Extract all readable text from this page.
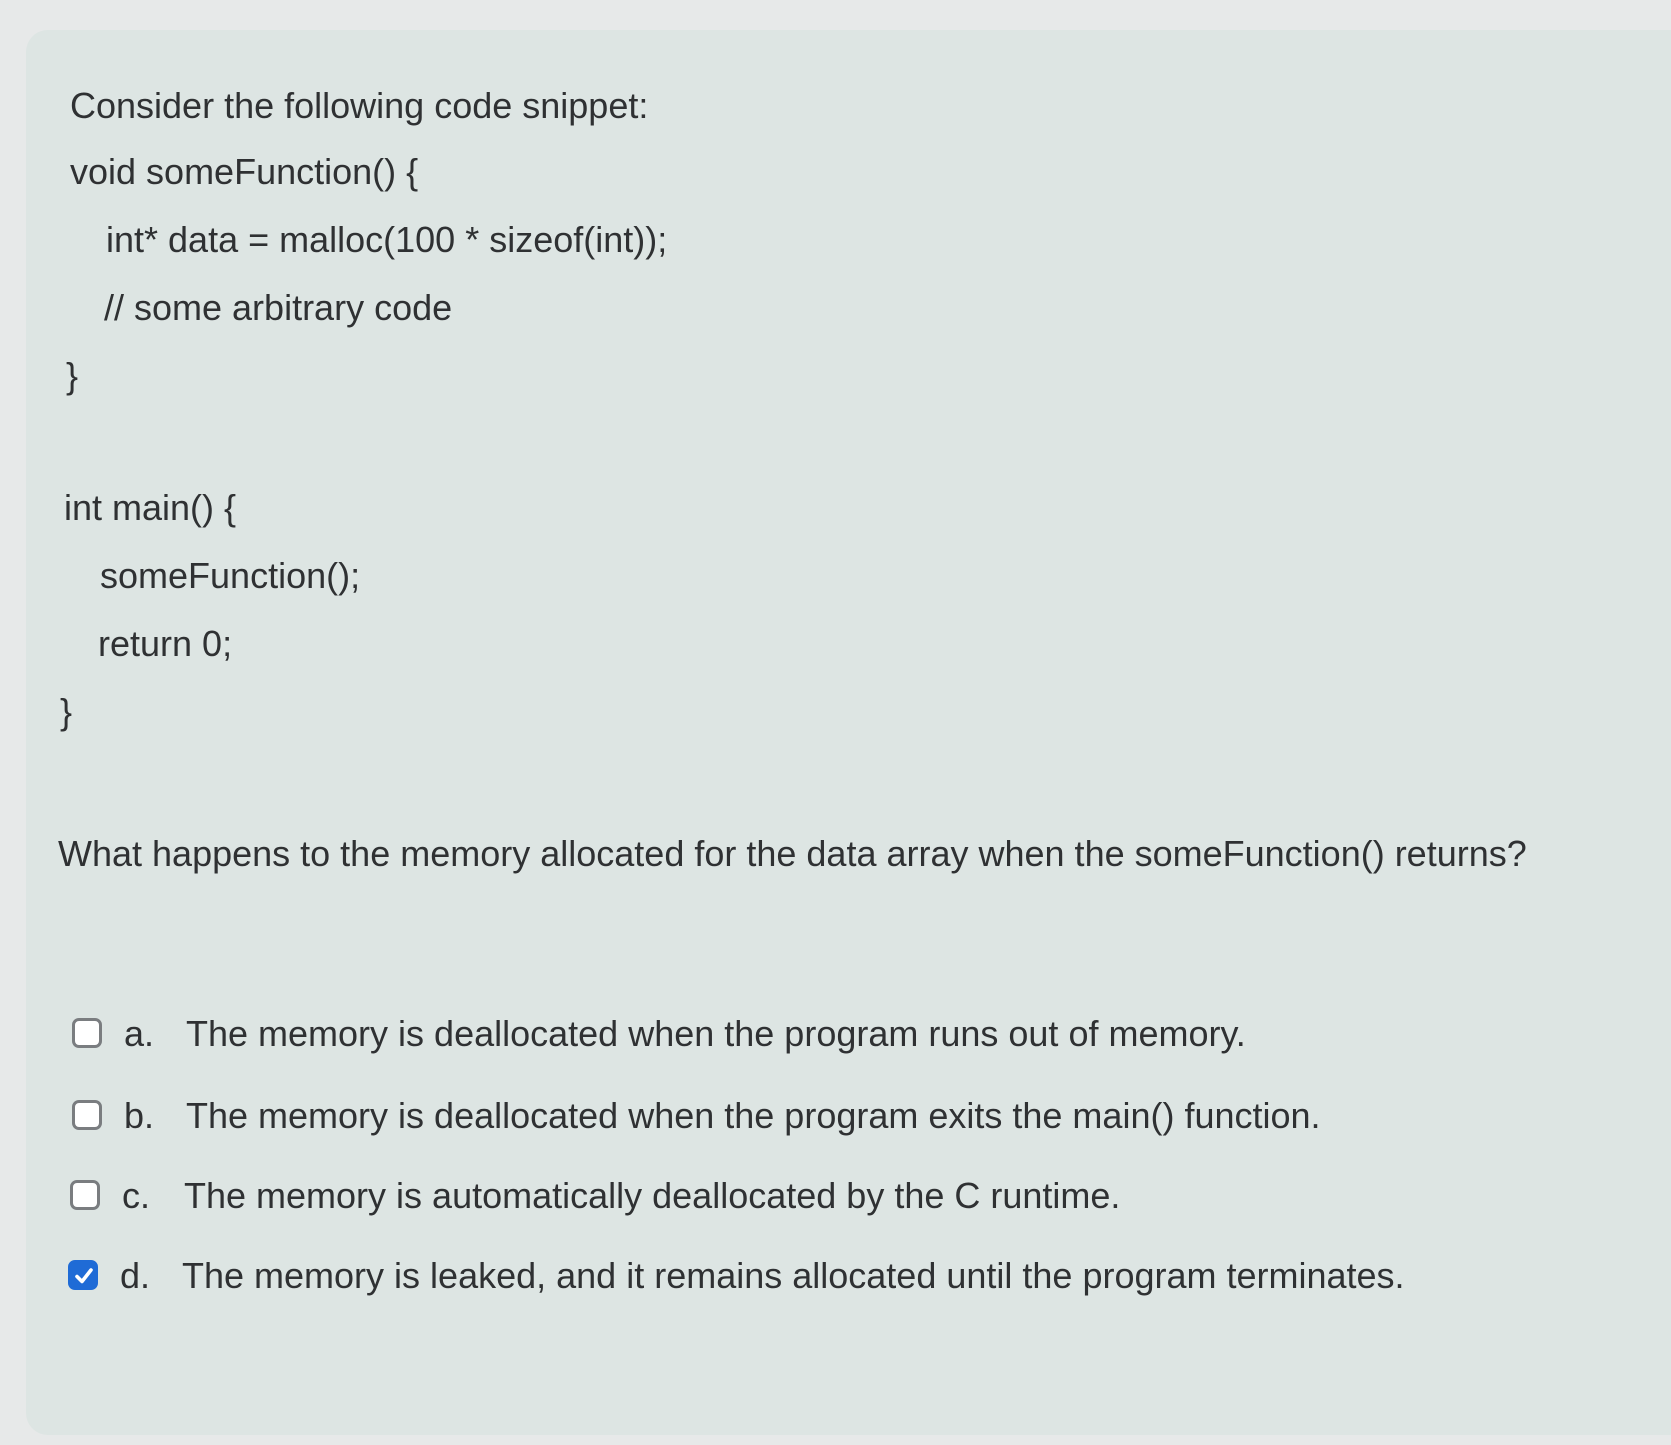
Consider the following code snippet:
void someFunction() {
int* data = malloc(100 * sizeof(int));
// some arbitrary code
}
int main() {
someFunction();
return 0;
}
What happens to the memory allocated for the data array when the someFunction() returns?
a. The memory is deallocated when the program runs out of memory.
b. The memory is deallocated when the program exits the main() function.
c. The memory is automatically deallocated by the C runtime.
d. The memory is leaked, and it remains allocated until the program terminates.
